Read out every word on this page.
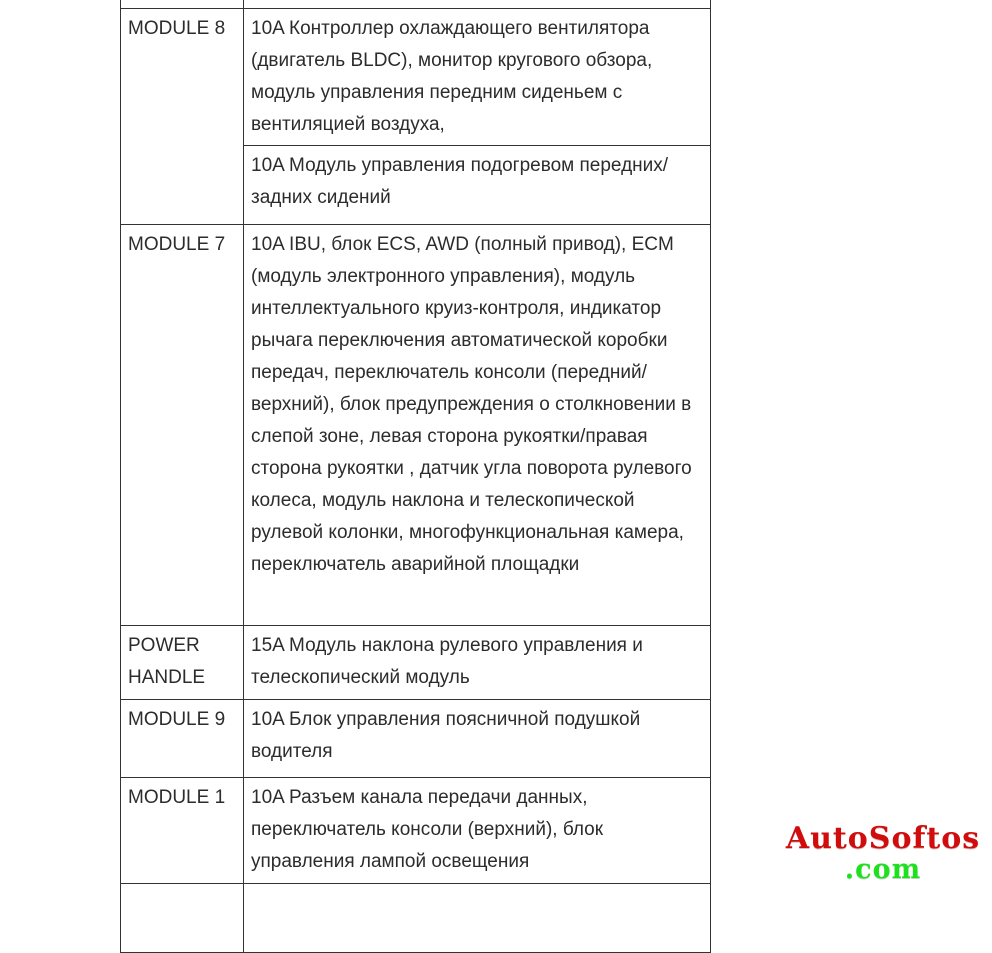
MODULE 8	10A Контроллер охлаждающего вентилятора (двигатель BLDC), монитор кругового обзора, модуль управления передним сиденьем с вентиляцией воздуха,
	10A Модуль управления подогревом передних/задних сидений
MODULE 7	10A IBU, блок ECS, AWD (полный привод), ECM (модуль электронного управления), модуль интеллектуального круиз-контроля, индикатор рычага переключения автоматической коробки передач, переключатель консоли (передний/верхний), блок предупреждения о столкновении в слепой зоне, левая сторона рукоятки/правая сторона рукоятки , датчик угла поворота рулевого колеса, модуль наклона и телескопической рулевой колонки, многофункциональная камера, переключатель аварийной площадки
POWER HANDLE	15A Модуль наклона рулевого управления и телескопический модуль
MODULE 9	10A Блок управления поясничной подушкой водителя
MODULE 1	10A Разъем канала передачи данных, переключатель консоли (верхний), блок управления лампой освещения

AutoSoftos
.com
